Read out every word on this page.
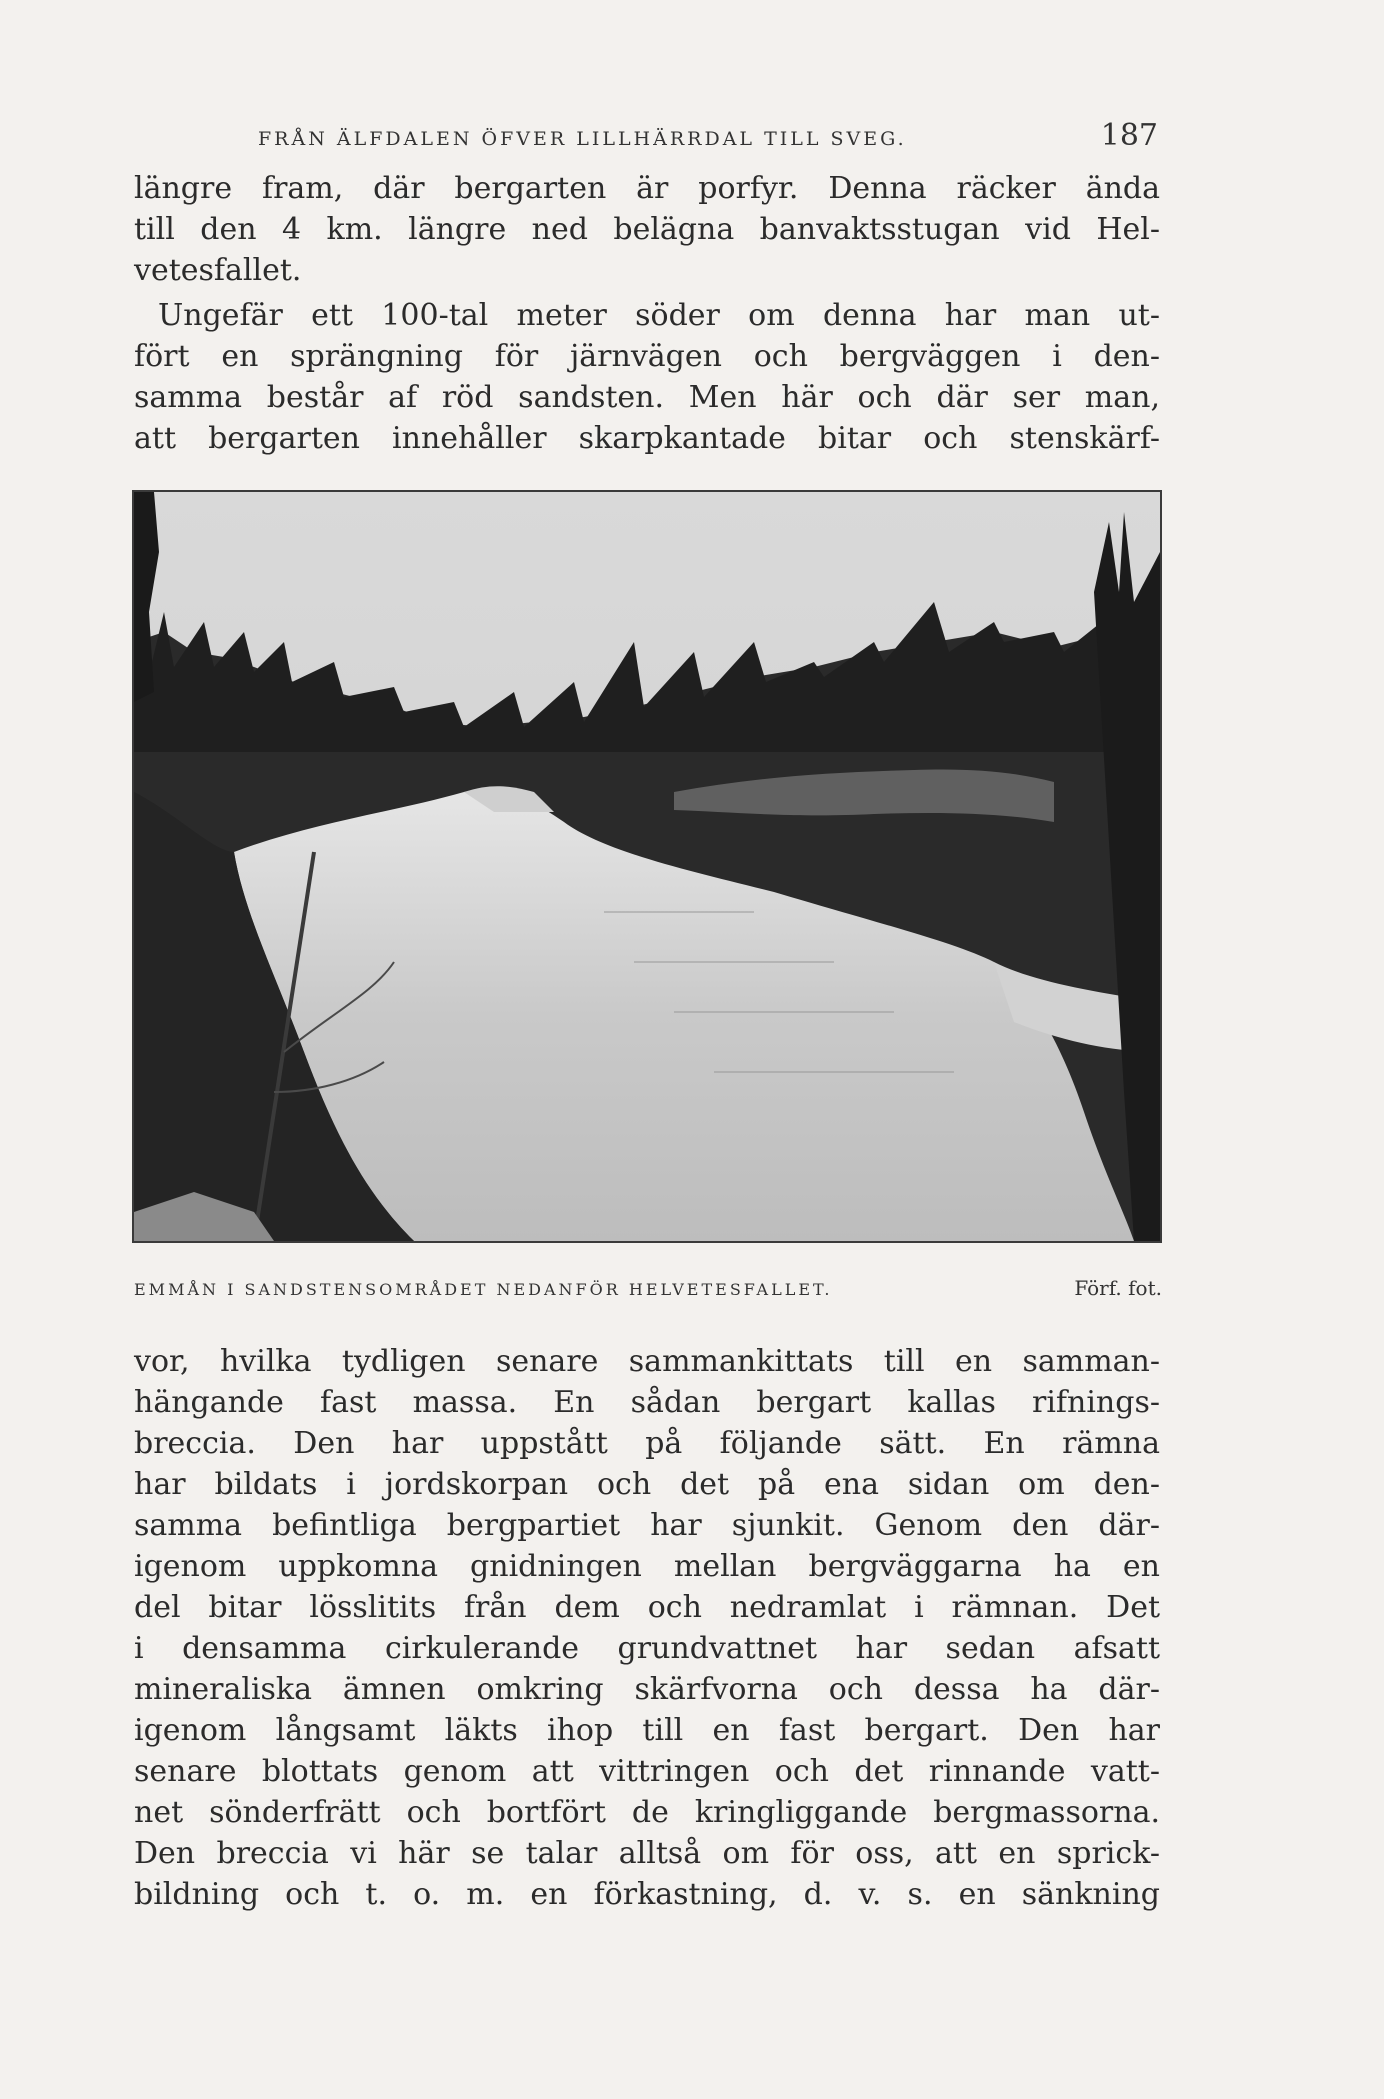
FRÅN ÄLFDALEN ÖFVER LILLHÄRRDAL TILL SVEG.	187
längre fram, där bergarten är porfyr. Denna räcker ända
till den 4 km. längre ned belägna banvaktsstugan vid Hel-
vetesfallet.
Ungefär ett 100-tal meter söder om denna har man ut-
fört en sprängning för järnvägen och bergväggen i den-
samma består af röd sandsten. Men här och där ser man,
att bergarten innehåller skarpkantade bitar och stenskärf-
EMMÅN I SANDSTENSOMRÅDET NEDANFÖR HELVETESFALLET.	Förf. fot.
vor, hvilka tydligen senare sammankittats till en samman-
hängande fast massa. En sådan bergart kallas rifnings-
breccia. Den har uppstått på följande sätt. En rämna
har bildats i jordskorpan och det på ena sidan om den-
samma befintliga bergpartiet har sjunkit. Genom den där-
igenom uppkomna gnidningen mellan bergväggarna ha en
del bitar lösslitits från dem och nedramlat i rämnan. Det
i densamma cirkulerande grundvattnet har sedan afsatt
mineraliska ämnen omkring skärfvorna och dessa ha där-
igenom långsamt läkts ihop till en fast bergart. Den har
senare blottats genom att vittringen och det rinnande vatt-
net sönderfrätt och bortfört de kringliggande bergmassorna.
Den breccia vi här se talar alltså om för oss, att en sprick-
bildning och t. o. m. en förkastning, d. v. s. en sänkning
